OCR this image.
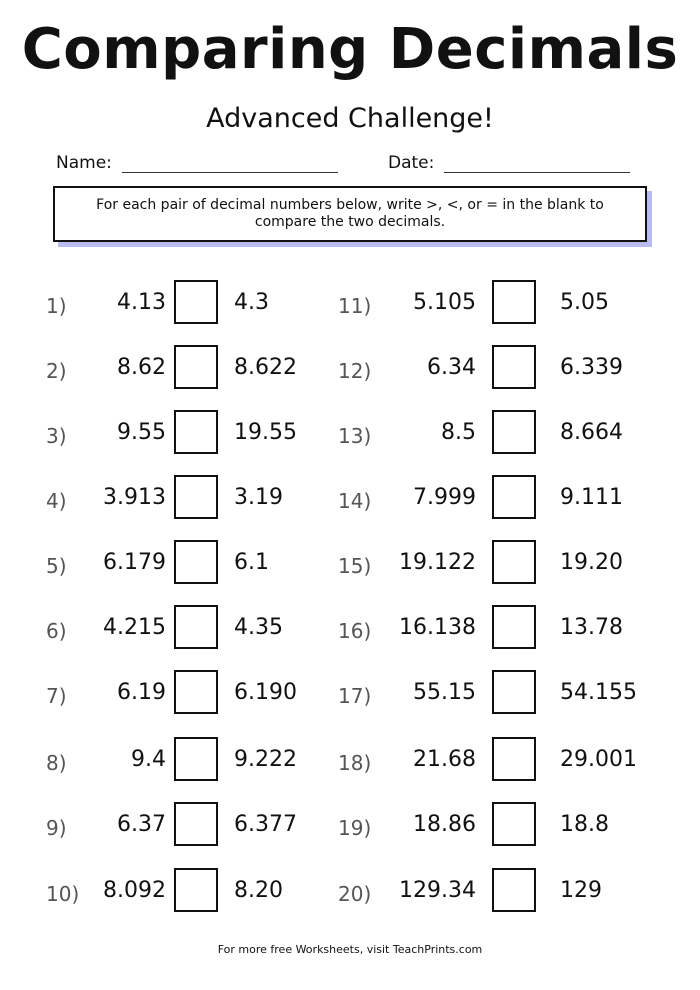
Comparing Decimals
Advanced Challenge!
Name:	Date:
For each pair of decimal numbers below, write >, <, or = in the blank to compare the two decimals.
1) 4.13	4.3
2) 8.62	8.622
3) 9.55	19.55
4) 3.913	3.19
5) 6.179	6.1
6) 4.215	4.35
7) 6.19	6.190
8)	9.4	9.222
9) 6.37	6.377
10) 8.092	8.20
11) 5.105	5.05
12)	6.34	6.339
13)	8.5	8.664
14) 7.999	9.111
15) 19.122	19.20
16) 16.138	13.78
17) 55.15	54.155
18) 21.68	29.001
19) 18.86	18.8
20) 129.34	129
For more free Worksheets, visit TeachPrints.com
